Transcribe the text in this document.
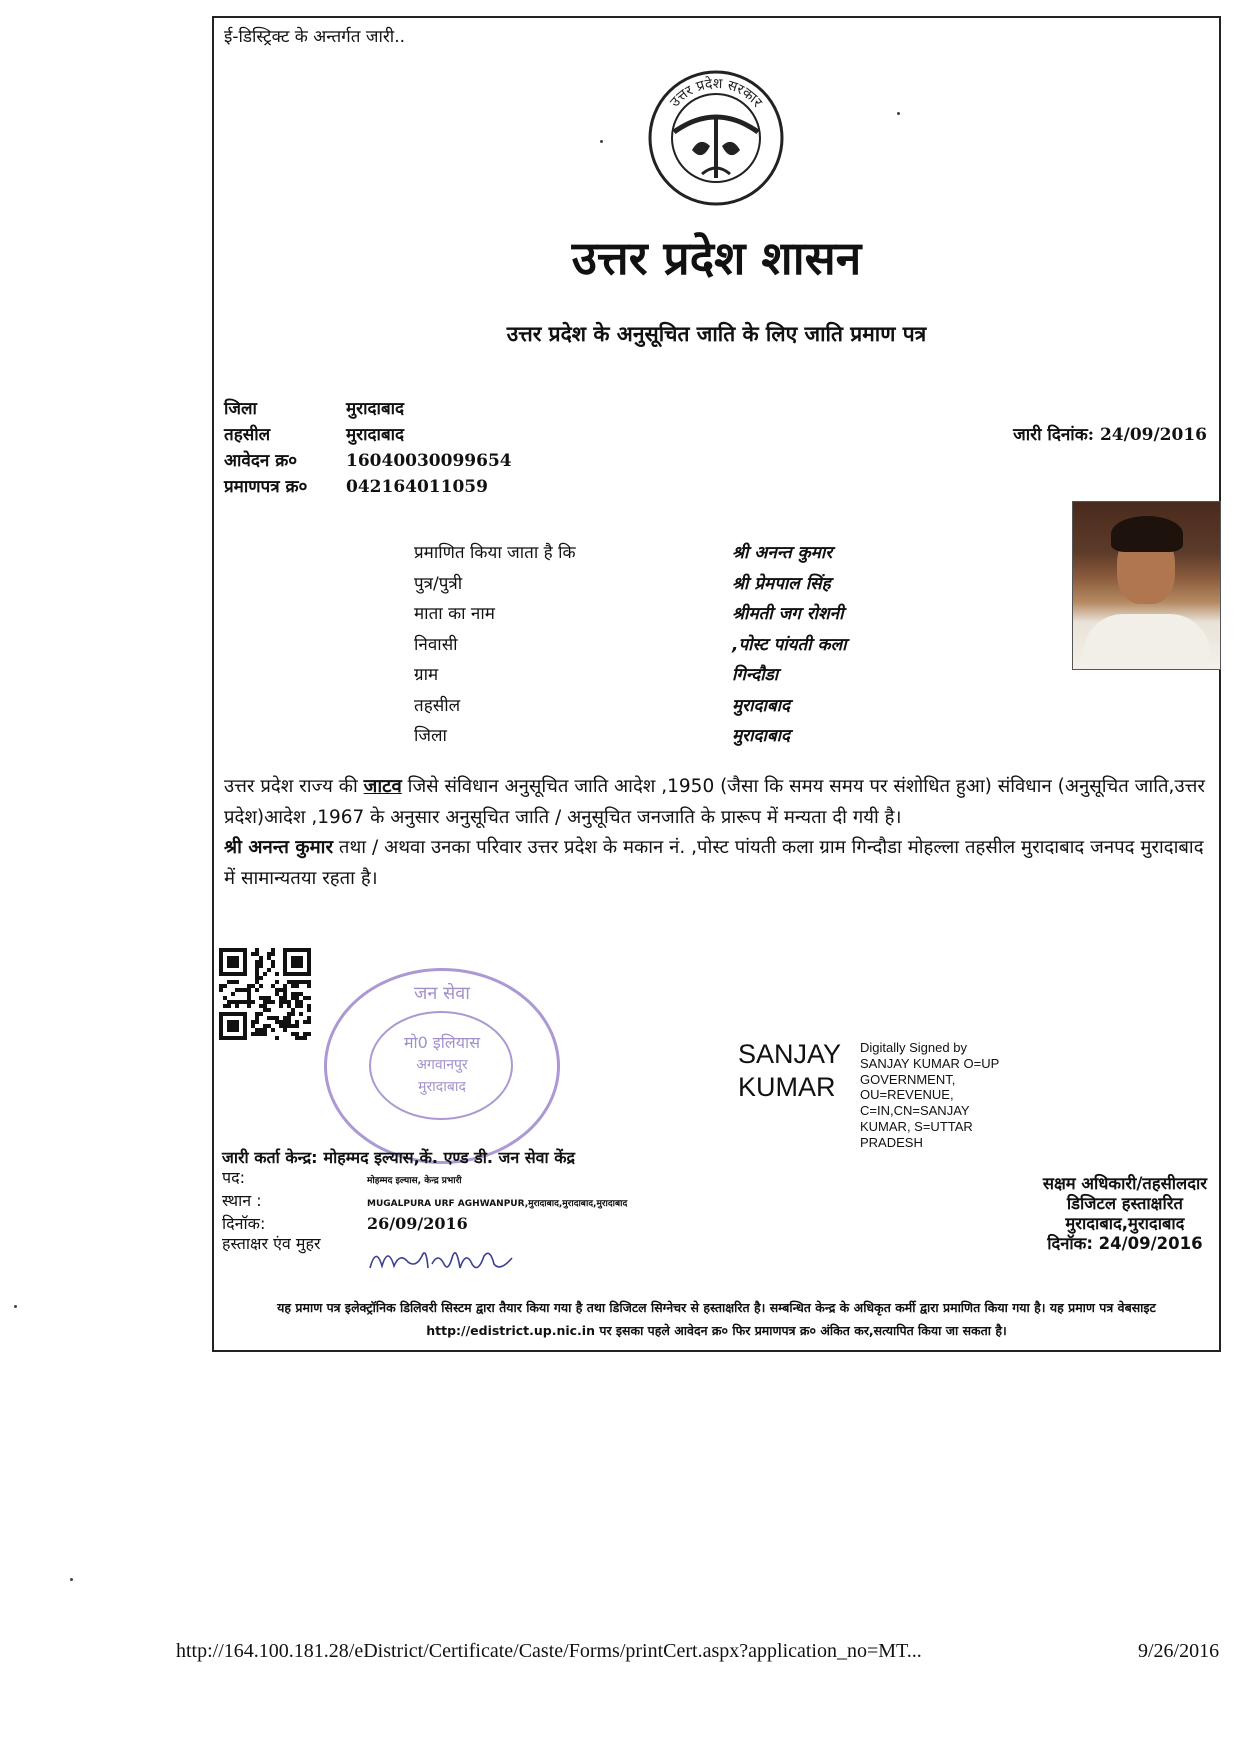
ई-डिस्ट्रिक्ट के अन्तर्गत जारी..
उत्तर प्रदेश सरकार
उत्तर प्रदेश शासन
उत्तर प्रदेश के अनुसूचित जाति के लिए जाति प्रमाण पत्र
जिला	मुरादाबाद
तहसील	मुरादाबाद
आवेदन क्र०	16040030099654
प्रमाणपत्र क्र०	042164011059
जारी दिनांक: 24/09/2016
प्रमाणित किया जाता है कि	श्री अनन्त कुमार
पुत्र/पुत्री	श्री प्रेमपाल सिंह
माता का नाम	श्रीमती जग रोशनी
निवासी	,पोस्ट पांयती कला
ग्राम	गिन्दौडा
तहसील	मुरादाबाद
जिला	मुरादाबाद
उत्तर प्रदेश राज्य की जाटव जिसे संविधान अनुसूचित जाति आदेश ,1950 (जैसा कि समय समय पर संशोधित हुआ) संविधान (अनुसूचित जाति,उत्तर प्रदेश)आदेश ,1967 के अनुसार अनुसूचित जाति / अनुसूचित जनजाति के प्रारूप में मन्यता दी गयी है।
श्री अनन्त कुमार तथा / अथवा उनका परिवार उत्तर प्रदेश के मकान नं. ,पोस्ट पांयती कला ग्राम गिन्दौडा मोहल्ला तहसील मुरादाबाद जनपद मुरादाबाद में सामान्यतया रहता है।
जन सेवा
मो0 इलियास
अगवानपुर
मुरादाबाद
SANJAY
KUMAR
Digitally Signed by SANJAY KUMAR O=UP GOVERNMENT, OU=REVENUE, C=IN,CN=SANJAY KUMAR, S=UTTAR PRADESH
सक्षम अधिकारी/तहसीलदार
डिजिटल हस्ताक्षरित
मुरादाबाद,मुरादाबाद
दिनॉक: 24/09/2016
जारी कर्ता केन्द्र: मोहम्मद इल्यास,कें. एण्ड डी. जन सेवा केंद्र
पद:	मोहम्मद इल्यास, केन्द्र प्रभारी
स्थान :	MUGALPURA URF AGHWANPUR,मुरादाबाद,मुरादाबाद,मुरादाबाद
दिनॉक:	26/09/2016
हस्ताक्षर एंव मुहर
यह प्रमाण पत्र इलेक्ट्रॉनिक डिलिवरी सिस्टम द्वारा तैयार किया गया है तथा डिजिटल सिग्नेचर से हस्ताक्षरित है। सम्बन्धित केन्द्र के अधिकृत कर्मी द्वारा प्रमाणित किया गया है। यह प्रमाण पत्र वेबसाइट http://edistrict.up.nic.in पर इसका पहले आवेदन क्र० फिर प्रमाणपत्र क्र० अंकित कर,सत्यापित किया जा सकता है।
http://164.100.181.28/eDistrict/Certificate/Caste/Forms/printCert.aspx?application_no=MT...	9/26/2016
